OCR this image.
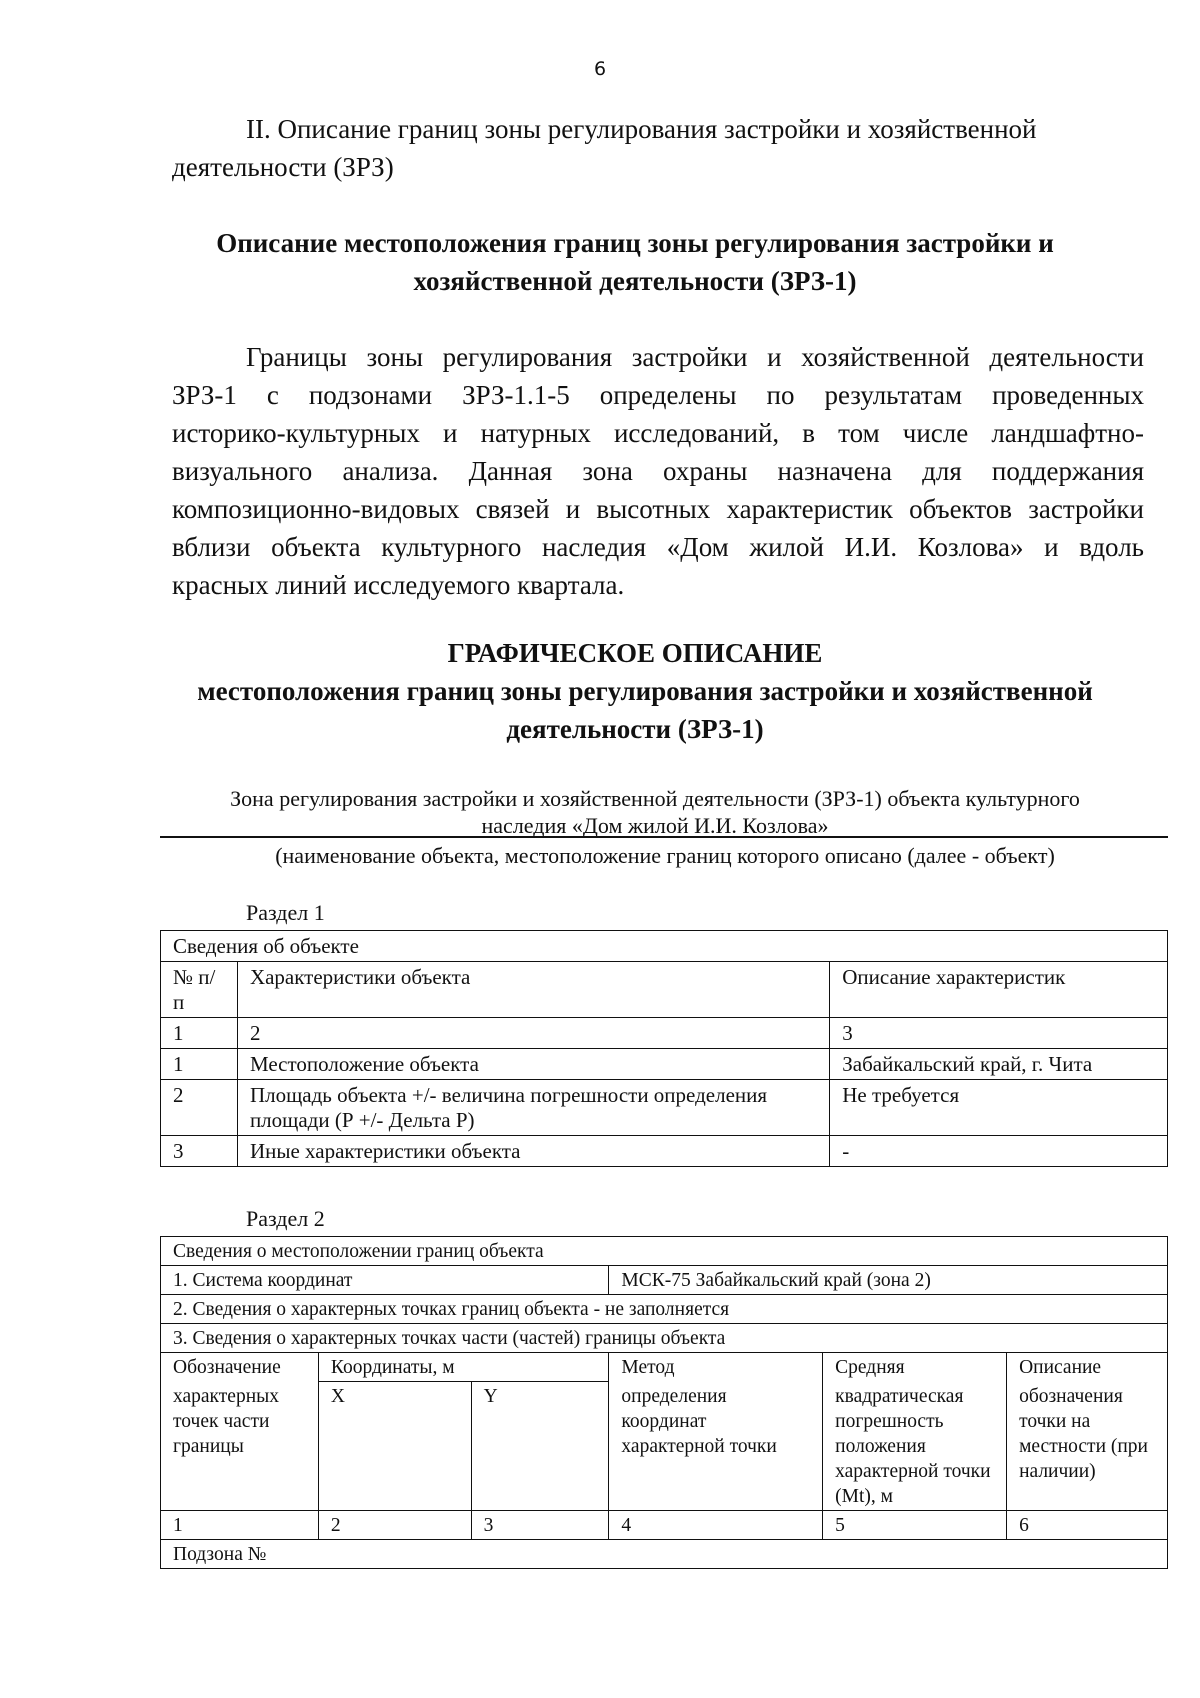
6
II. Описание границ зоны регулирования застройки и хозяйственной
деятельности (ЗРЗ)
Описание местоположения границ зоны регулирования застройки и
хозяйственной деятельности (ЗРЗ-1)
Границы зоны регулирования застройки и хозяйственной деятельности
ЗРЗ-1 с подзонами ЗРЗ-1.1-5 определены по результатам проведенных
историко-культурных и натурных исследований, в том числе ландшафтно-
визуального анализа. Данная зона охраны назначена для поддержания
композиционно-видовых связей и высотных характеристик объектов застройки
вблизи объекта культурного наследия «Дом жилой И.И. Козлова» и вдоль
красных линий исследуемого квартала.
ГРАФИЧЕСКОЕ ОПИСАНИЕ
местоположения границ зоны регулирования застройки и хозяйственной
деятельности (ЗРЗ-1)
Зона регулирования застройки и хозяйственной деятельности (ЗРЗ-1) объекта культурного
наследия «Дом жилой И.И. Козлова»
(наименование объекта, местоположение границ которого описано (далее - объект)
Раздел 1
Сведения об объекте		
№ п/п	Характеристики объекта	Описание характеристик
1	2	3
1	Местоположение объекта	Забайкальский край, г. Чита
2	Площадь объекта +/- величина погрешности определения площади (Р +/- Дельта Р)	Не требуется
3	Иные характеристики объекта	-
Раздел 2
Сведения о местоположении границ объекта					
1. Система координат			МСК-75 Забайкальский край (зона 2)		
2. Сведения о характерных точках границ объекта - не заполняется					
3. Сведения о характерных точках части (частей) границы объекта					
Обозначение	Координаты, м		Метод	Средняя	Описание
характерных точек части границы	X	Y	определения координат характерной точки	квадратическая погрешность положения характерной точки (Mt), м	обозначения точки на местности (при наличии)
1	2	3	4	5	6
Подзона №					
